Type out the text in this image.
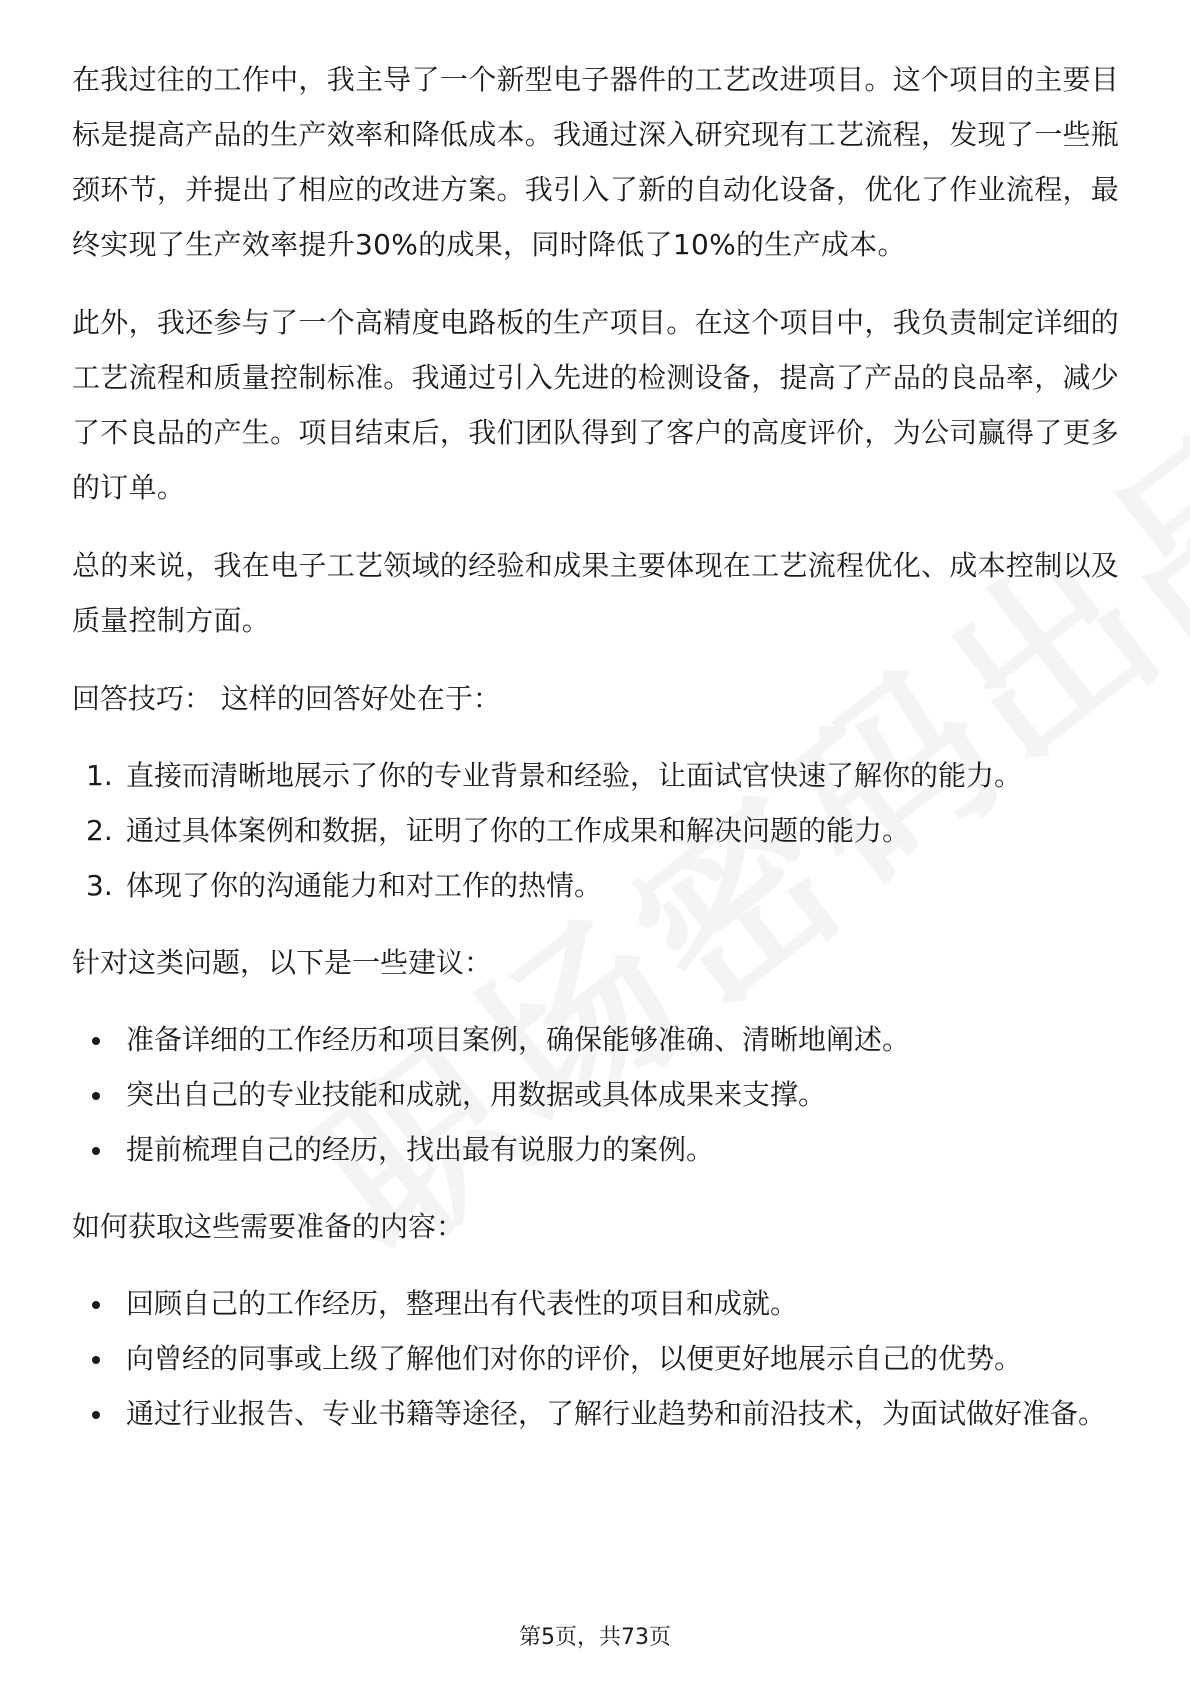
在我过往的工作中，我主导了一个新型电子器件的工艺改进项目。这个项目的主要目标是提高产品的生产效率和降低成本。我通过深入研究现有工艺流程，发现了一些瓶颈环节，并提出了相应的改进方案。我引入了新的自动化设备，优化了作业流程，最终实现了生产效率提升30%的成果，同时降低了10%的生产成本。

此外，我还参与了一个高精度电路板的生产项目。在这个项目中，我负责制定详细的工艺流程和质量控制标准。我通过引入先进的检测设备，提高了产品的良品率，减少了不良品的产生。项目结束后，我们团队得到了客户的高度评价，为公司赢得了更多的订单。

总的来说，我在电子工艺领域的经验和成果主要体现在工艺流程优化、成本控制以及质量控制方面。

回答技巧： 这样的回答好处在于：

1. 直接而清晰地展示了你的专业背景和经验，让面试官快速了解你的能力。
2. 通过具体案例和数据，证明了你的工作成果和解决问题的能力。
3. 体现了你的沟通能力和对工作的热情。

针对这类问题，以下是一些建议：

准备详细的工作经历和项目案例，确保能够准确、清晰地阐述。
突出自己的专业技能和成就，用数据或具体成果来支撑。
提前梳理自己的经历，找出最有说服力的案例。

如何获取这些需要准备的内容：

回顾自己的工作经历，整理出有代表性的项目和成就。
向曾经的同事或上级了解他们对你的评价，以便更好地展示自己的优势。
通过行业报告、专业书籍等途径，了解行业趋势和前沿技术，为面试做好准备。
第5页，共73页
